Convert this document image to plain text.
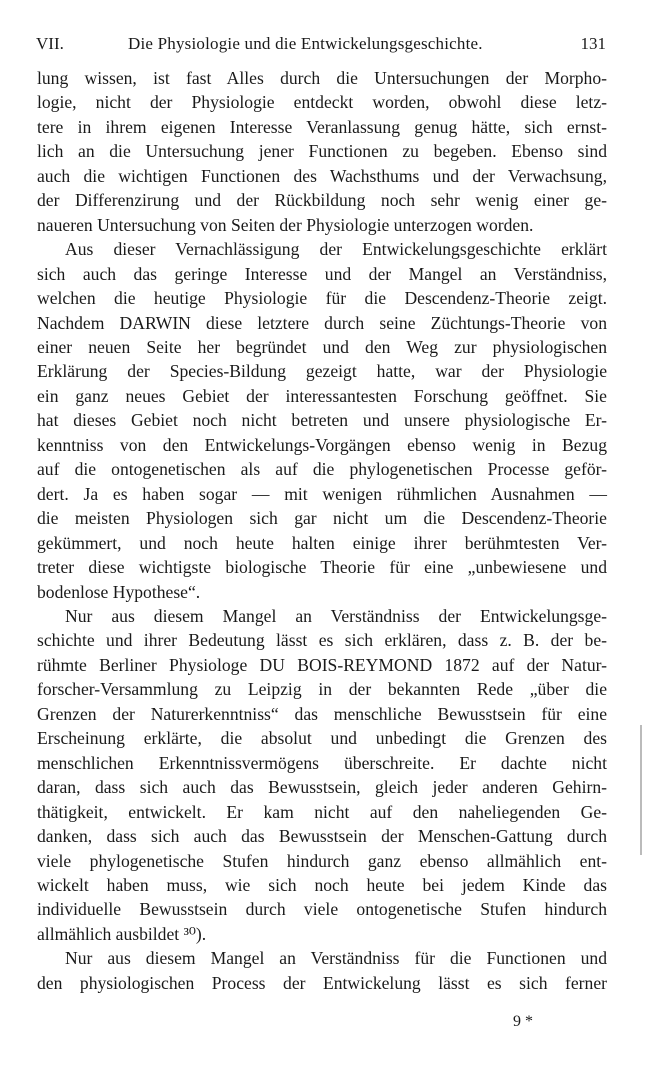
VII.	Die Physiologie und die Entwickelungsgeschichte.	131
lung wissen, ist fast Alles durch die Untersuchungen der Morpho-
logie, nicht der Physiologie entdeckt worden, obwohl diese letz-
tere in ihrem eigenen Interesse Veranlassung genug hätte, sich ernst-
lich an die Untersuchung jener Functionen zu begeben. Ebenso sind
auch die wichtigen Functionen des Wachsthums und der Verwachsung,
der Differenzirung und der Rückbildung noch sehr wenig einer ge-
naueren Untersuchung von Seiten der Physiologie unterzogen worden.
Aus dieser Vernachlässigung der Entwickelungsgeschichte erklärt
sich auch das geringe Interesse und der Mangel an Verständniss,
welchen die heutige Physiologie für die Descendenz-Theorie zeigt.
Nachdem DARWIN diese letztere durch seine Züchtungs-Theorie von
einer neuen Seite her begründet und den Weg zur physiologischen
Erklärung der Species-Bildung gezeigt hatte, war der Physiologie
ein ganz neues Gebiet der interessantesten Forschung geöffnet. Sie
hat dieses Gebiet noch nicht betreten und unsere physiologische Er-
kenntniss von den Entwickelungs-Vorgängen ebenso wenig in Bezug
auf die ontogenetischen als auf die phylogenetischen Processe geför-
dert. Ja es haben sogar — mit wenigen rühmlichen Ausnahmen —
die meisten Physiologen sich gar nicht um die Descendenz-Theorie
gekümmert, und noch heute halten einige ihrer berühmtesten Ver-
treter diese wichtigste biologische Theorie für eine „unbewiesene und
bodenlose Hypothese“.
Nur aus diesem Mangel an Verständniss der Entwickelungsge-
schichte und ihrer Bedeutung lässt es sich erklären, dass z. B. der be-
rühmte Berliner Physiologe DU BOIS-REYMOND 1872 auf der Natur-
forscher-Versammlung zu Leipzig in der bekannten Rede „über die
Grenzen der Naturerkenntniss“ das menschliche Bewusstsein für eine
Erscheinung erklärte, die absolut und unbedingt die Grenzen des
menschlichen Erkenntnissvermögens überschreite. Er dachte nicht
daran, dass sich auch das Bewusstsein, gleich jeder anderen Gehirn-
thätigkeit, entwickelt. Er kam nicht auf den naheliegenden Ge-
danken, dass sich auch das Bewusstsein der Menschen-Gattung durch
viele phylogenetische Stufen hindurch ganz ebenso allmählich ent-
wickelt haben muss, wie sich noch heute bei jedem Kinde das
individuelle Bewusstsein durch viele ontogenetische Stufen hindurch
allmählich ausbildet ³⁰).
Nur aus diesem Mangel an Verständniss für die Functionen und
den physiologischen Process der Entwickelung lässt es sich ferner
9 *
